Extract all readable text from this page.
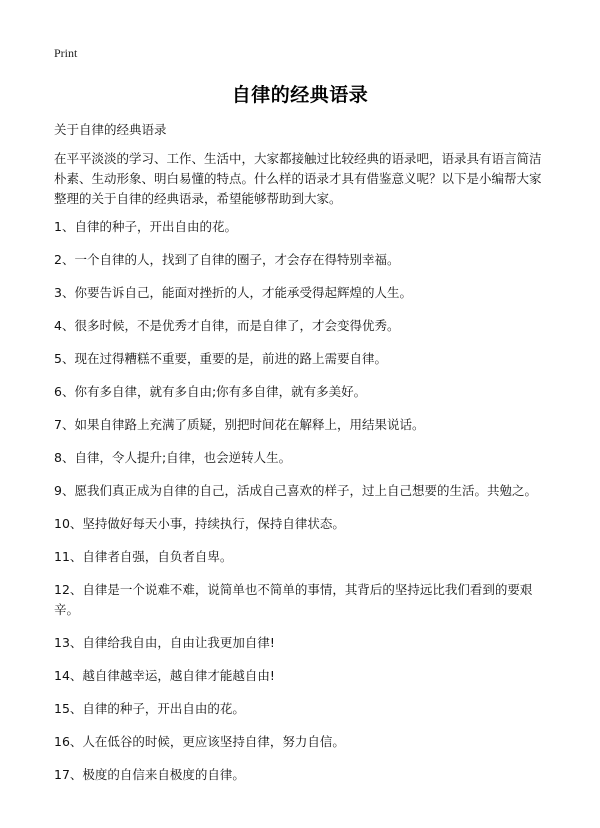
Print
自律的经典语录
关于自律的经典语录
在平平淡淡的学习、工作、生活中，大家都接触过比较经典的语录吧，语录具有语言简洁朴素、生动形象、明白易懂的特点。什么样的语录才具有借鉴意义呢？以下是小编帮大家整理的关于自律的经典语录，希望能够帮助到大家。
1、自律的种子，开出自由的花。
2、一个自律的人，找到了自律的圈子，才会存在得特别幸福。
3、你要告诉自己，能面对挫折的人，才能承受得起辉煌的人生。
4、很多时候，不是优秀才自律，而是自律了，才会变得优秀。
5、现在过得糟糕不重要，重要的是，前进的路上需要自律。
6、你有多自律，就有多自由;你有多自律，就有多美好。
7、如果自律路上充满了质疑，别把时间花在解释上，用结果说话。
8、自律，令人提升;自律，也会逆转人生。
9、愿我们真正成为自律的自己，活成自己喜欢的样子，过上自己想要的生活。共勉之。
10、坚持做好每天小事，持续执行，保持自律状态。
11、自律者自强，自负者自卑。
12、自律是一个说难不难，说简单也不简单的事情，其背后的坚持远比我们看到的要艰辛。
13、自律给我自由，自由让我更加自律!
14、越自律越幸运，越自律才能越自由!
15、自律的种子，开出自由的花。
16、人在低谷的时候，更应该坚持自律，努力自信。
17、极度的自信来自极度的自律。
